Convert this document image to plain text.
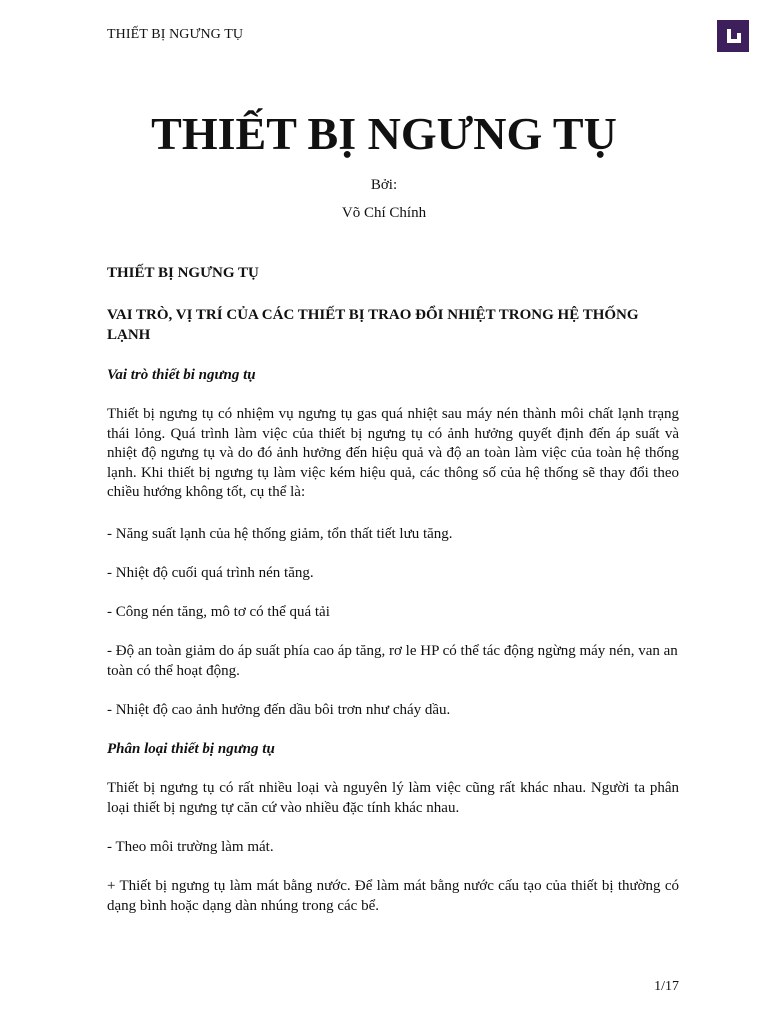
THIẾT BỊ NGƯNG TỤ
THIẾT BỊ NGƯNG TỤ
Bởi:
Võ Chí Chính
THIẾT BỊ NGƯNG TỤ
VAI TRÒ, VỊ TRÍ CỦA CÁC THIẾT BỊ TRAO ĐỔI NHIỆT TRONG HỆ THỐNG LẠNH
Vai trò thiết bi ngưng tụ

Thiết bị ngưng tụ có nhiệm vụ ngưng tụ gas quá nhiệt sau máy nén thành môi chất lạnh trạng thái lỏng. Quá trình làm việc của thiết bị ngưng tụ có ảnh hưởng quyết định đến áp suất và nhiệt độ ngưng tụ và do đó ảnh hưởng đến hiệu quả và độ an toàn làm việc của toàn hệ thống lạnh. Khi thiết bị ngưng tụ làm việc kém hiệu quả, các thông số của hệ thống sẽ thay đổi theo chiều hướng không tốt, cụ thể là:

- Năng suất lạnh của hệ thống giảm, tổn thất tiết lưu tăng.

- Nhiệt độ cuối quá trình nén tăng.

- Công nén tăng, mô tơ có thể quá tải

- Độ an toàn giảm do áp suất phía cao áp tăng, rơ le HP có thể tác động ngừng máy nén, van an toàn có thể hoạt động.

- Nhiệt độ cao ảnh hưởng đến dầu bôi trơn như cháy dầu.

Phân loại thiết bị ngưng tụ

Thiết bị ngưng tụ có rất nhiều loại và nguyên lý làm việc cũng rất khác nhau. Người ta phân loại thiết bị ngưng tự căn cứ vào nhiều đặc tính khác nhau.

- Theo môi trường làm mát.

+ Thiết bị ngưng tụ làm mát bằng nước. Để làm mát bằng nước cấu tạo của thiết bị thường có dạng bình hoặc dạng dàn nhúng trong các bể.

1/17
